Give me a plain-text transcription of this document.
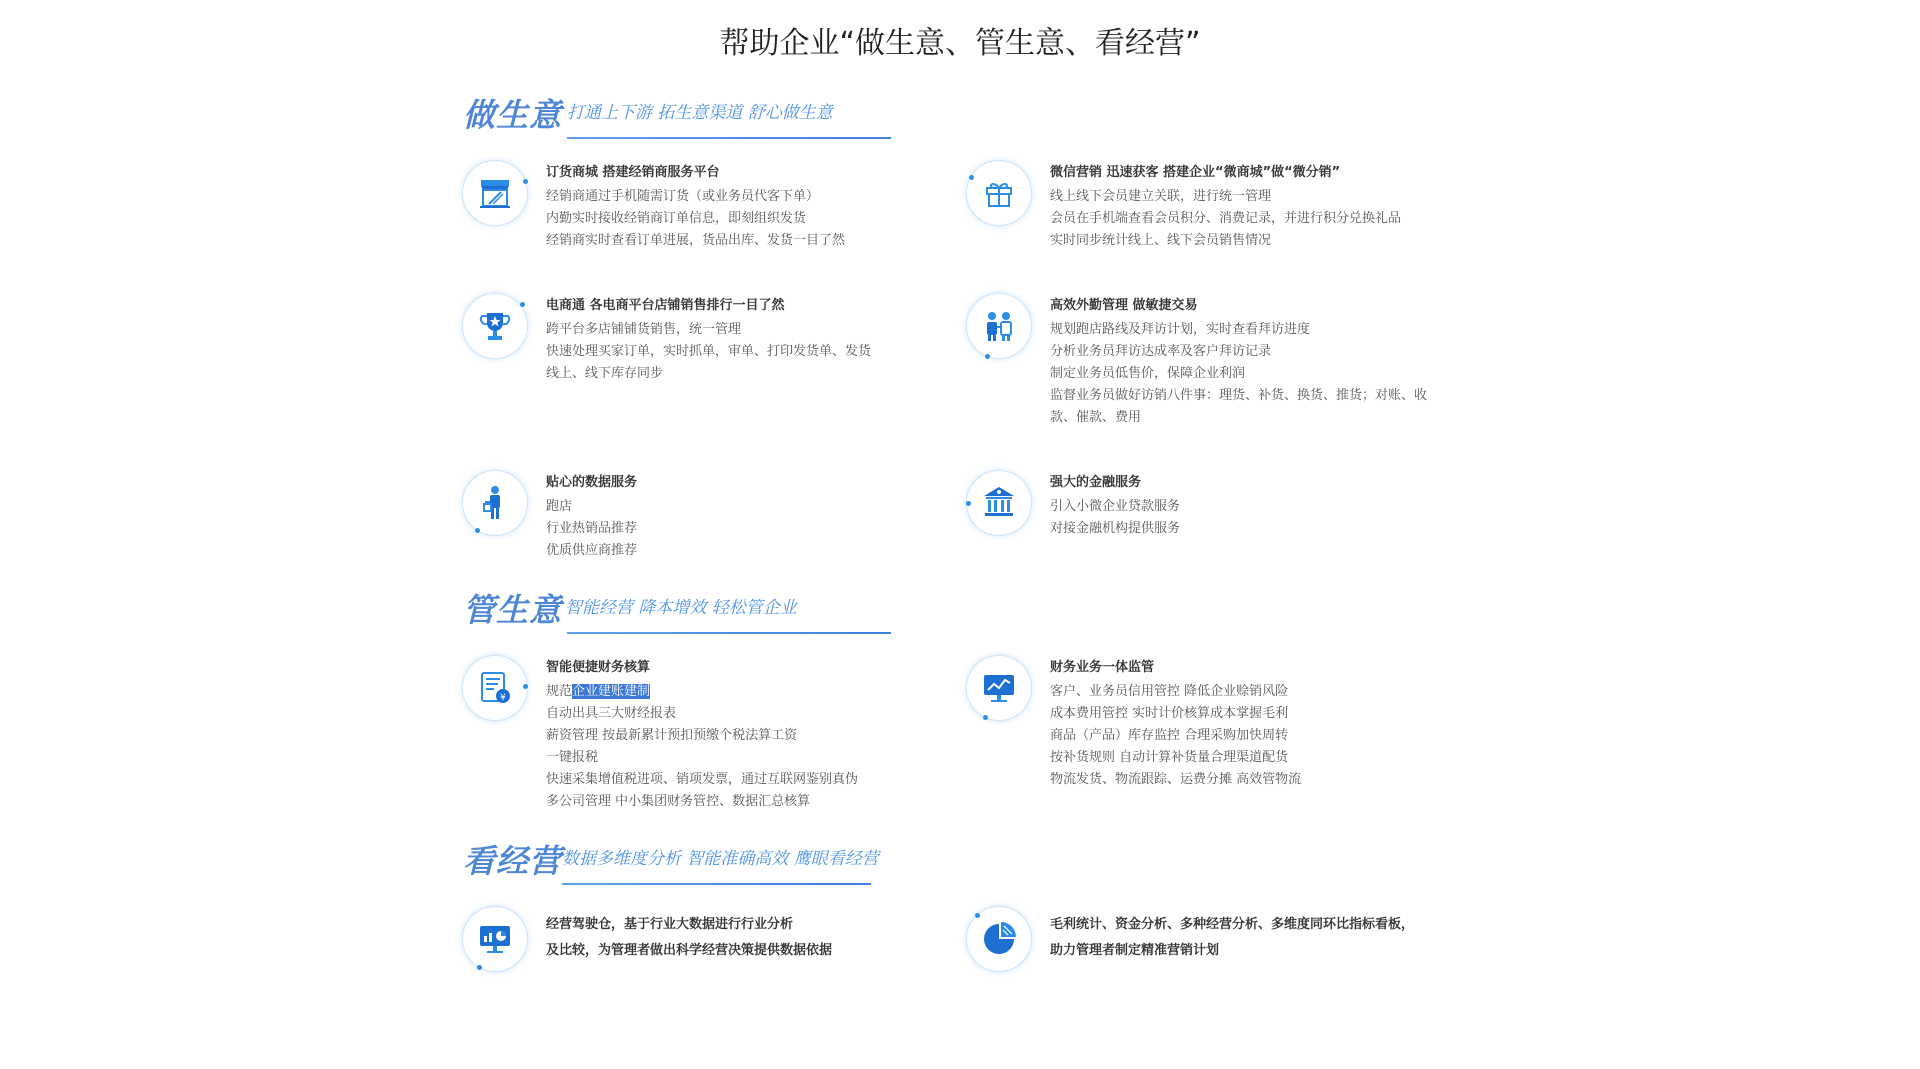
帮助企业“做生意、管生意、看经营”
做生意 打通上下游 拓生意渠道 舒心做生意
订货商城 搭建经销商服务平台
经销商通过手机随需订货（或业务员代客下单）
内勤实时接收经销商订单信息，即刻组织发货
经销商实时查看订单进展，货品出库、发货一目了然
微信营销 迅速获客 搭建企业“微商城”做“微分销”
线上线下会员建立关联，进行统一管理
会员在手机端查看会员积分、消费记录，并进行积分兑换礼品
实时同步统计线上、线下会员销售情况
电商通 各电商平台店铺销售排行一目了然
跨平台多店铺铺货销售，统一管理
快速处理买家订单，实时抓单，审单、打印发货单、发货
线上、线下库存同步
高效外勤管理 做敏捷交易
规划跑店路线及拜访计划，实时查看拜访进度
分析业务员拜访达成率及客户拜访记录
制定业务员低售价，保障企业利润
监督业务员做好访销八件事：理货、补货、换货、推货；对账、收
款、催款、费用
贴心的数据服务
跑店
行业热销品推荐
优质供应商推荐
强大的金融服务
引入小微企业贷款服务
对接金融机构提供服务
管生意 智能经营 降本增效 轻松管企业
¥
智能便捷财务核算
规范企业建账建制
自动出具三大财经报表
薪资管理 按最新累计预扣预缴个税法算工资
一键报税
快速采集增值税进项、销项发票，通过互联网鉴别真伪
多公司管理 中小集团财务管控、数据汇总核算
财务业务一体监管
客户、业务员信用管控 降低企业赊销风险
成本费用管控 实时计价核算成本掌握毛利
商品（产品）库存监控 合理采购加快周转
按补货规则 自动计算补货量合理渠道配货
物流发货、物流跟踪、运费分摊 高效管物流
看经营 数据多维度分析 智能准确高效 鹰眼看经营
经营驾驶仓，基于行业大数据进行行业分析
及比较，为管理者做出科学经营决策提供数据依据
毛利统计、资金分析、多种经营分析、多维度同环比指标看板，
助力管理者制定精准营销计划
